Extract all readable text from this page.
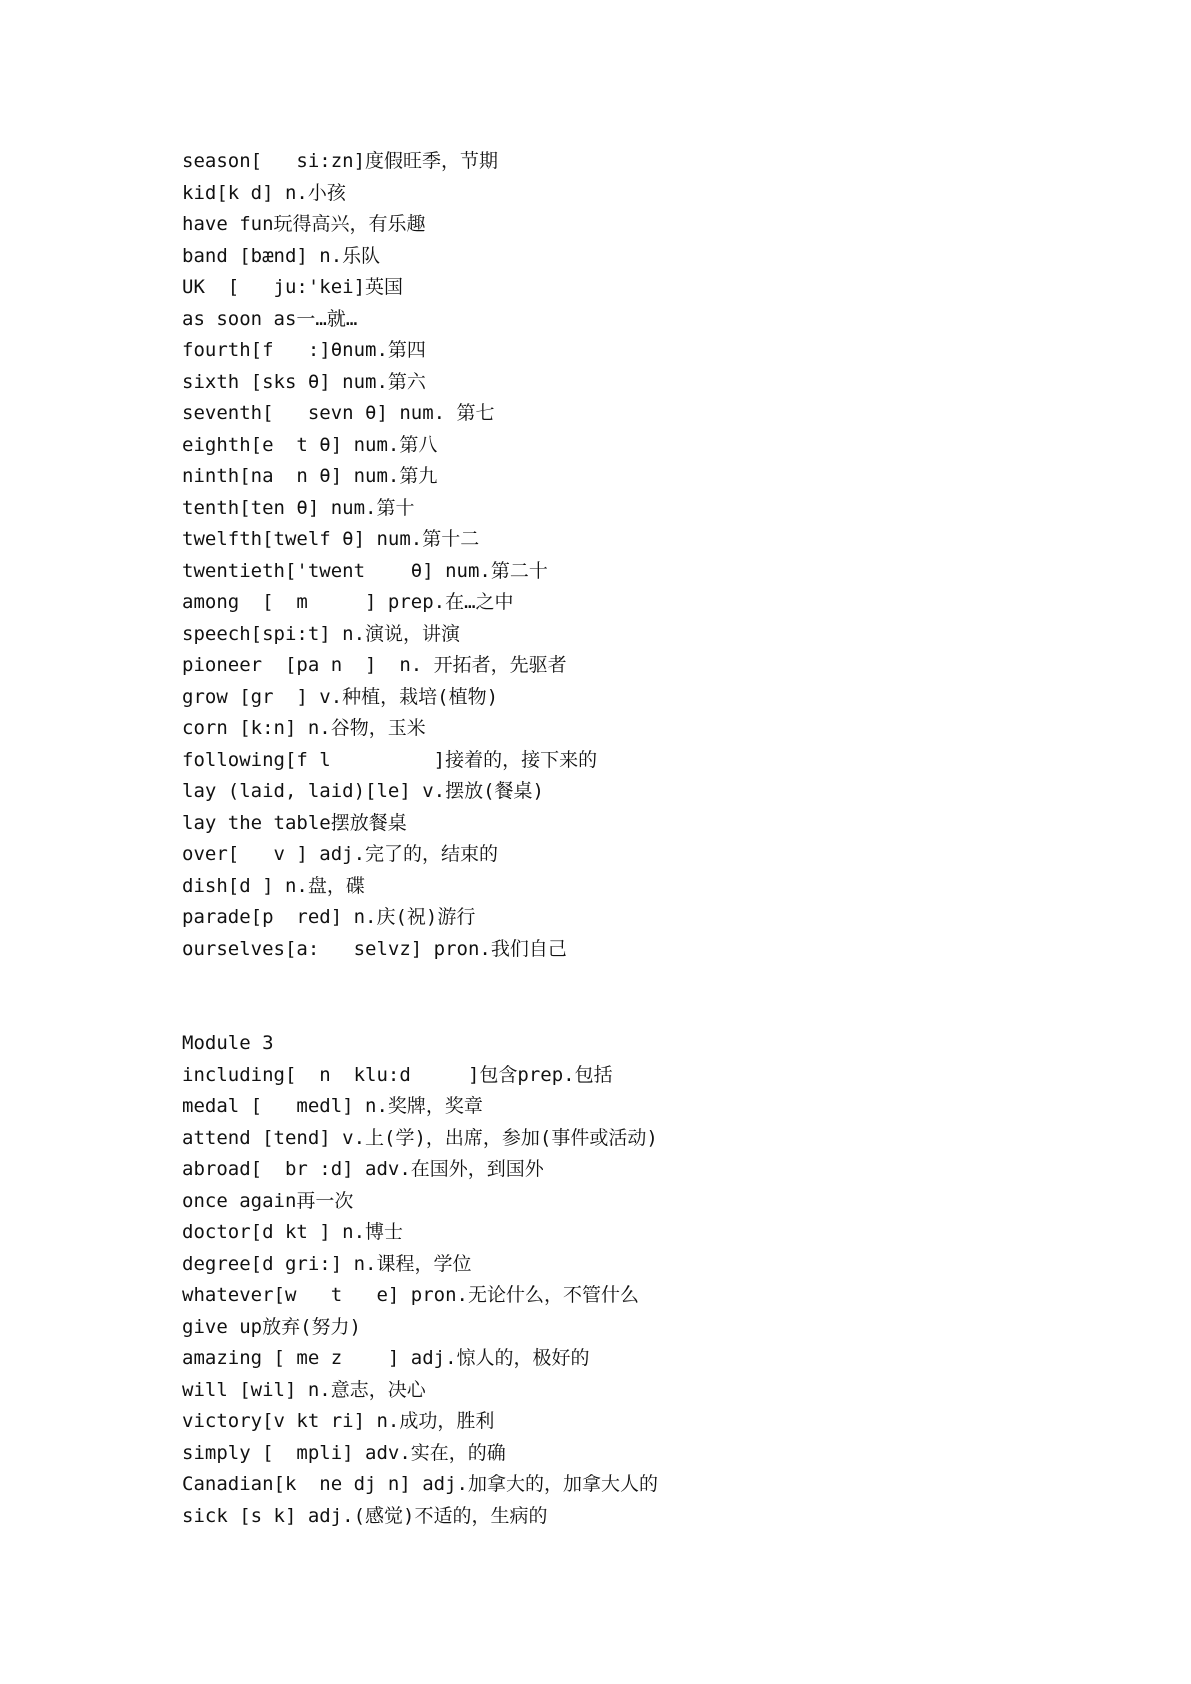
season[   si:zn]度假旺季，节期
kid[k d] n.小孩
have fun玩得高兴，有乐趣
band [bænd] n.乐队
UK  [   ju:'kei]英国
as soon as一…就…
fourth[f   :]θnum.第四
sixth [sks θ] num.第六
seventh[   sevn θ] num. 第七
eighth[e  t θ] num.第八
ninth[na  n θ] num.第九
tenth[ten θ] num.第十
twelfth[twelf θ] num.第十二
twentieth['twent    θ] num.第二十
among  [  m     ] prep.在…之中
speech[spi:t] n.演说，讲演
pioneer  [pa n  ]  n. 开拓者，先驱者
grow [gr  ] v.种植，栽培(植物)
corn [k:n] n.谷物，玉米
following[f l         ]接着的，接下来的
lay (laid, laid)[le] v.摆放(餐桌)
lay the table摆放餐桌
over[   v ] adj.完了的，结束的
dish[d ] n.盘，碟
parade[p  red] n.庆(祝)游行
ourselves[a:   selvz] pron.我们自己
Module 3
including[  n  klu:d     ]包含prep.包括
medal [   medl] n.奖牌，奖章
attend [tend] v.上(学)，出席，参加(事件或活动)
abroad[  br :d] adv.在国外，到国外
once again再一次
doctor[d kt ] n.博士
degree[d gri:] n.课程，学位
whatever[w   t   e] pron.无论什么，不管什么
give up放弃(努力)
amazing [ me z    ] adj.惊人的，极好的
will [wil] n.意志，决心
victory[v kt ri] n.成功，胜利
simply [  mpli] adv.实在，的确
Canadian[k  ne dj n] adj.加拿大的，加拿大人的
sick [s k] adj.(感觉)不适的，生病的
